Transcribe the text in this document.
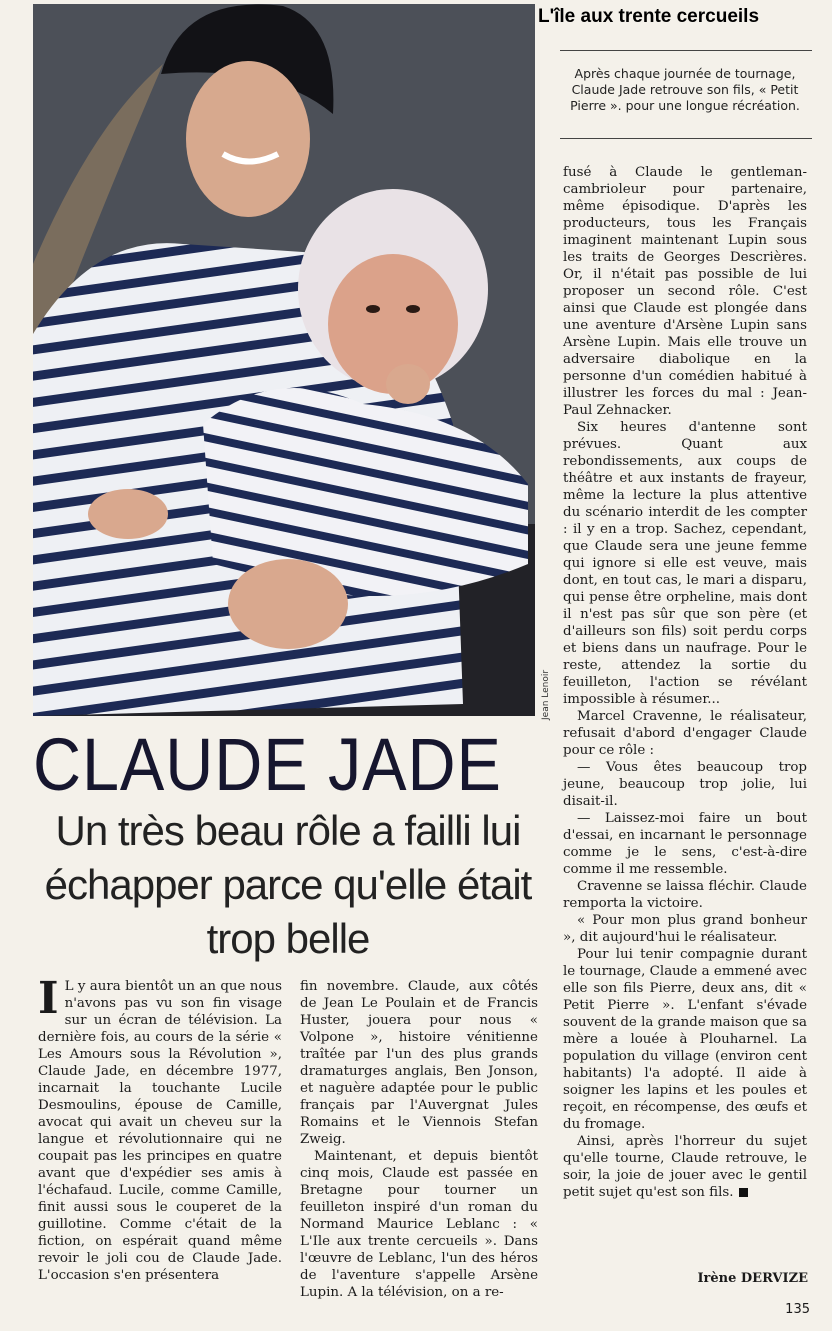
Jean Lenoir
L'île aux trente cercueils
Après chaque journée de tournage, Claude Jade retrouve son fils, « Petit Pierre ». pour une longue récréation.
CLAUDE JADE
Un très beau rôle a failli lui échapper parce qu'elle était trop belle

I L y aura bientôt un an que nous n'avons pas vu son fin visage sur un écran de télévision. La dernière fois, au cours de la série « Les Amours sous la Révolution », Claude Jade, en décembre 1977, incarnait la touchante Lucile Desmoulins, épouse de Camille, avocat qui avait un cheveu sur la langue et révolutionnaire qui ne coupait pas les principes en quatre avant que d'expédier ses amis à l'échafaud. Lucile, comme Camille, finit aussi sous le couperet de la guillotine. Comme c'était de la fiction, on espérait quand même revoir le joli cou de Claude Jade. L'occasion s'en présentera

fin novembre. Claude, aux côtés de Jean Le Poulain et de Francis Huster, jouera pour nous « Volpone », histoire vénitienne traîtée par l'un des plus grands dramaturges anglais, Ben Jonson, et naguère adaptée pour le public français par l'Auvergnat Jules Romains et le Viennois Stefan Zweig.

Maintenant, et depuis bientôt cinq mois, Claude est passée en Bretagne pour tourner un feuilleton inspiré d'un roman du Normand Maurice Leblanc : « L'Ile aux trente cercueils ». Dans l'œuvre de Leblanc, l'un des héros de l'aventure s'appelle Arsène Lupin. A la télévision, on a re-

fusé à Claude le gentleman-cambrioleur pour partenaire, même épisodique. D'après les producteurs, tous les Français imaginent maintenant Lupin sous les traits de Georges Descrières. Or, il n'était pas possible de lui proposer un second rôle. C'est ainsi que Claude est plongée dans une aventure d'Arsène Lupin sans Arsène Lupin. Mais elle trouve un adversaire diabolique en la personne d'un comédien habitué à illustrer les forces du mal : Jean-Paul Zehnacker.

Six heures d'antenne sont prévues. Quant aux rebondissements, aux coups de théâtre et aux instants de frayeur, même la lecture la plus attentive du scénario interdit de les compter : il y en a trop. Sachez, cependant, que Claude sera une jeune femme qui ignore si elle est veuve, mais dont, en tout cas, le mari a disparu, qui pense être orpheline, mais dont il n'est pas sûr que son père (et d'ailleurs son fils) soit perdu corps et biens dans un naufrage. Pour le reste, attendez la sortie du feuilleton, l'action se révélant impossible à résumer...

Marcel Cravenne, le réalisateur, refusait d'abord d'engager Claude pour ce rôle :

— Vous êtes beaucoup trop jeune, beaucoup trop jolie, lui disait-il.

— Laissez-moi faire un bout d'essai, en incarnant le personnage comme je le sens, c'est-à-dire comme il me ressemble.

Cravenne se laissa fléchir. Claude remporta la victoire.

« Pour mon plus grand bonheur », dit aujourd'hui le réalisateur.

Pour lui tenir compagnie durant le tournage, Claude a emmené avec elle son fils Pierre, deux ans, dit « Petit Pierre ». L'enfant s'évade souvent de la grande maison que sa mère a louée à Plouharnel. La population du village (environ cent habitants) l'a adopté. Il aide à soigner les lapins et les poules et reçoit, en récompense, des œufs et du fromage.

Ainsi, après l'horreur du sujet qu'elle tourne, Claude retrouve, le soir, la joie de jouer avec le gentil petit sujet qu'est son fils.

Irène DERVIZE
135
